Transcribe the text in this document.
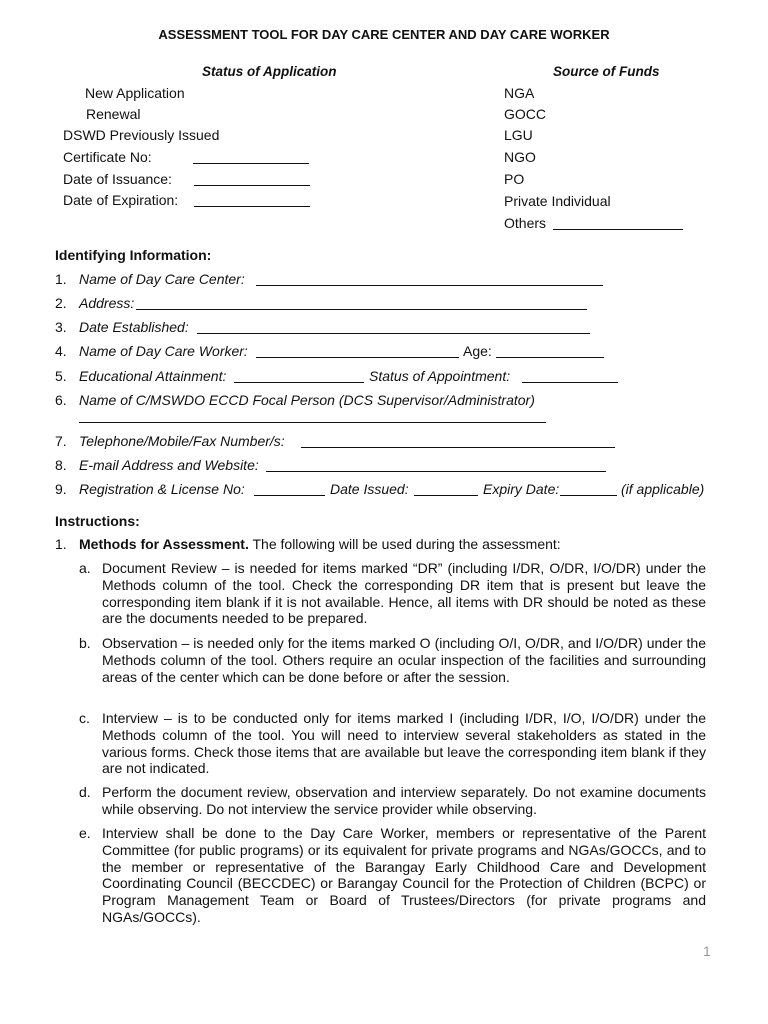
ASSESSMENT TOOL FOR DAY CARE CENTER AND DAY CARE WORKER
Status of Application
New Application
Renewal
DSWD Previously Issued
Certificate No:
Date of Issuance:
Date of Expiration:
Source of Funds
NGA
GOCC
LGU
NGO
PO
Private Individual
Others
Identifying Information:
1. Name of Day Care Center:
2. Address:
3. Date Established:
4. Name of Day Care Worker:	Age:
5. Educational Attainment:	Status of Appointment:
6. Name of C/MSWDO ECCD Focal Person (DCS Supervisor/Administrator)
7. Telephone/Mobile/Fax Number/s:
8. E-mail Address and Website:
9. Registration & License No:	Date Issued:	Expiry Date:	(if applicable)
Instructions:
1. Methods for Assessment. The following will be used during the assessment:
a. Document Review – is needed for items marked “DR” (including I/DR, O/DR, I/O/DR) under the Methods column of the tool. Check the corresponding DR item that is present but leave the corresponding item blank if it is not available. Hence, all items with DR should be noted as these are the documents needed to be prepared.
b. Observation – is needed only for the items marked O (including O/I, O/DR, and I/O/DR) under the Methods column of the tool. Others require an ocular inspection of the facilities and surrounding areas of the center which can be done before or after the session.
c. Interview – is to be conducted only for items marked I (including I/DR, I/O, I/O/DR) under the Methods column of the tool. You will need to interview several stakeholders as stated in the various forms. Check those items that are available but leave the corresponding item blank if they are not indicated.
d. Perform the document review, observation and interview separately. Do not examine documents while observing. Do not interview the service provider while observing.
e. Interview shall be done to the Day Care Worker, members or representative of the Parent Committee (for public programs) or its equivalent for private programs and NGAs/GOCCs, and to the member or representative of the Barangay Early Childhood Care and Development Coordinating Council (BECCDEC) or Barangay Council for the Protection of Children (BCPC) or Program Management Team or Board of Trustees/Directors (for private programs and NGAs/GOCCs).
1
